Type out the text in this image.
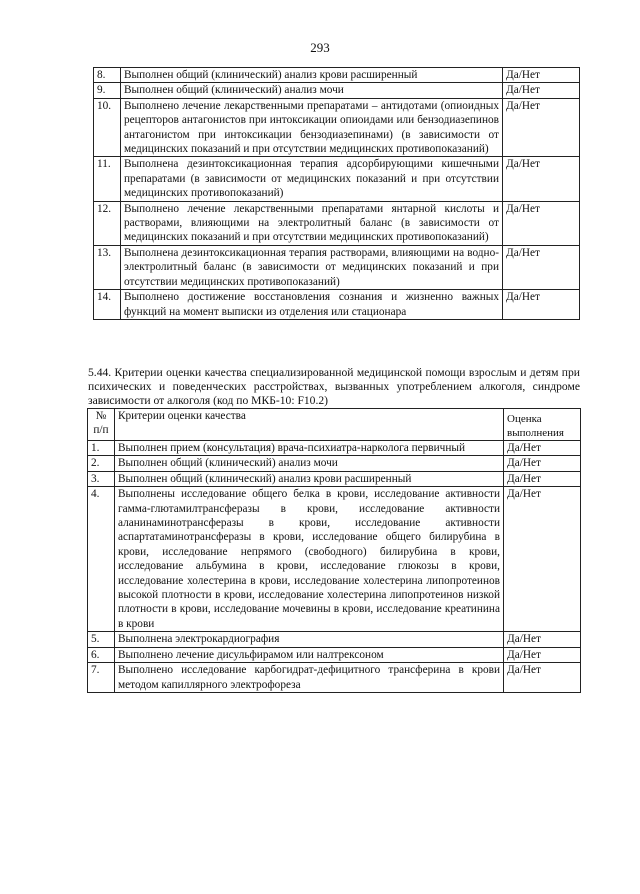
293
8.	Выполнен общий (клинический) анализ крови расширенный	Да/Нет
9.	Выполнен общий (клинический) анализ мочи	Да/Нет
10.	Выполнено лечение лекарственными препаратами – антидотами (опиоидных рецепторов антагонистов при интоксикации опиоидами или бензодиазепинов антагонистом при интоксикации бензодиазепинами) (в зависимости от медицинских показаний и при отсутствии медицинских противопоказаний)	Да/Нет
11.	Выполнена дезинтоксикационная терапия адсорбирующими кишечными препаратами (в зависимости от медицинских показаний и при отсутствии медицинских противопоказаний)	Да/Нет
12.	Выполнено лечение лекарственными препаратами янтарной кислоты и растворами, влияющими на электролитный баланс (в зависимости от медицинских показаний и при отсутствии медицинских противопоказаний)	Да/Нет
13.	Выполнена дезинтоксикационная терапия растворами, влияющими на водно-электролитный баланс (в зависимости от медицинских показаний и при отсутствии медицинских противопоказаний)	Да/Нет
14.	Выполнено достижение восстановления сознания и жизненно важных функций на момент выписки из отделения или стационара	Да/Нет
5.44. Критерии оценки качества специализированной медицинской помощи взрослым и детям при психических и поведенческих расстройствах, вызванных употреблением алкоголя, синдроме зависимости от алкоголя (код по МКБ-10: F10.2)
№ п/п	Критерии оценки качества	Оценка выполнения
1.	Выполнен прием (консультация) врача-психиатра-нарколога первичный	Да/Нет
2.	Выполнен общий (клинический) анализ мочи	Да/Нет
3.	Выполнен общий (клинический) анализ крови расширенный	Да/Нет
4.	Выполнены исследование общего белка в крови, исследование активности гамма-глютамилтрансферазы в крови, исследование активности аланинаминотрансферазы в крови, исследование активности аспартатаминотрансферазы в крови, исследование общего билирубина в крови, исследование непрямого (свободного) билирубина в крови, исследование альбумина в крови, исследование глюкозы в крови, исследование холестерина в крови, исследование холестерина липопротеинов высокой плотности в крови, исследование холестерина липопротеинов низкой плотности в крови, исследование мочевины в крови, исследование креатинина в крови	Да/Нет
5.	Выполнена электрокардиография	Да/Нет
6.	Выполнено лечение дисульфирамом или налтрексоном	Да/Нет
7.	Выполнено исследование карбогидрат-дефицитного трансферина в крови методом капиллярного электрофореза	Да/Нет
